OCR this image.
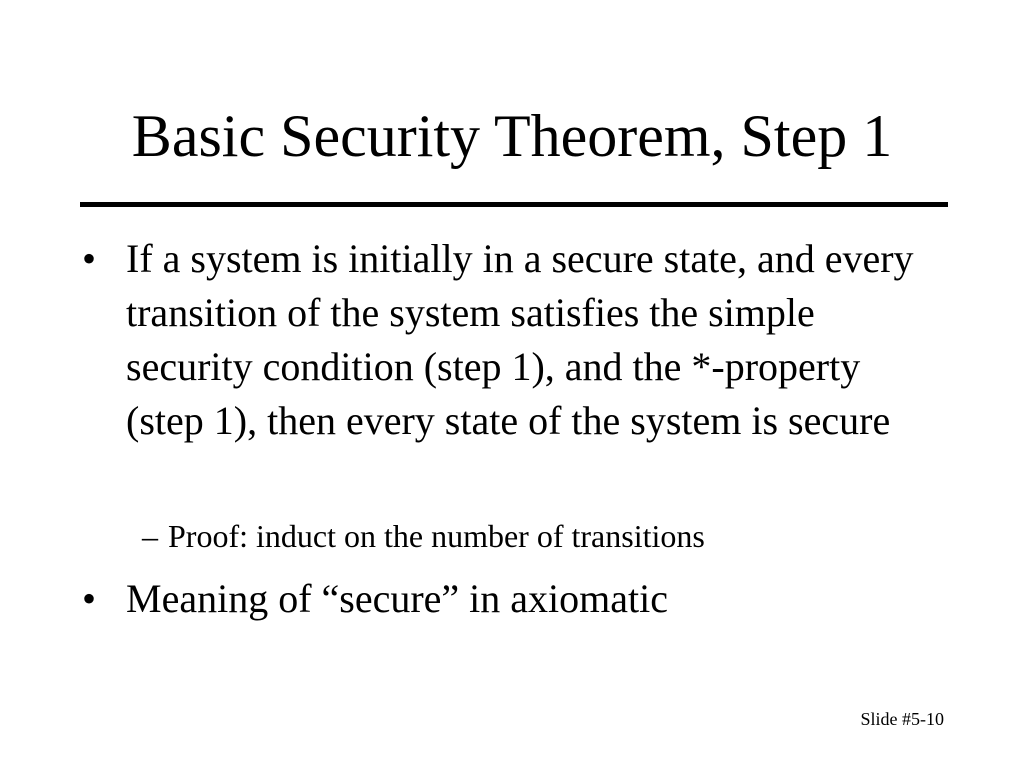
Basic Security Theorem, Step 1
• If a system is initially in a secure state, and every transition of the system satisfies the simple security condition (step 1), and the *-property (step 1), then every state of the system is secure
– Proof: induct on the number of transitions
• Meaning of “secure” in axiomatic
Slide #5-10
